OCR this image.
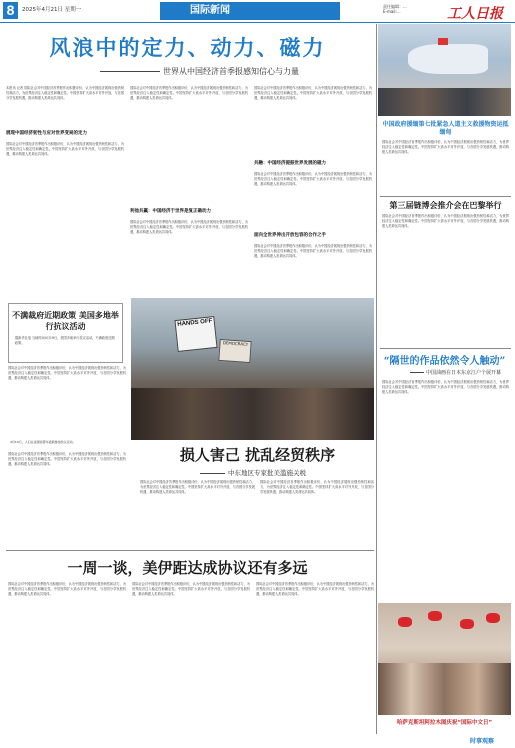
8	2025年4月21日 星期一	国际新闻	责任编辑：...
E-mail:...	工人日报
风浪中的定力、动力、磁力
世界从中国经济首季报感知信心与力量
本报讯 记者 国际社会对中国经济首季报作出积极评价，认为中国经济展现出强劲韧性和活力，为世界经济注入稳定性和确定性。中国坚持扩大高水平对外开放，与各国分享发展机遇，推动构建人类命运共同体。
展现中国经济韧性与应对世界变局的定力
国际社会对中国经济首季报作出积极评价，认为中国经济展现出强劲韧性和活力，为世界经济注入稳定性和确定性。中国坚持扩大高水平对外开放，与各国分享发展机遇，推动构建人类命运共同体。
国际社会对中国经济首季报作出积极评价，认为中国经济展现出强劲韧性和活力，为世界经济注入稳定性和确定性。中国坚持扩大高水平对外开放，与各国分享发展机遇，推动构建人类命运共同体。
利他共赢：中国经济于世界是复正确动力
国际社会对中国经济首季报作出积极评价，认为中国经济展现出强劲韧性和活力，为世界经济注入稳定性和确定性。中国坚持扩大高水平对外开放，与各国分享发展机遇，推动构建人类命运共同体。
国际社会对中国经济首季报作出积极评价，认为中国经济展现出强劲韧性和活力，为世界经济注入稳定性和确定性。中国坚持扩大高水平对外开放，与各国分享发展机遇，推动构建人类命运共同体。
共融：中国经济提振世界发展的磁力
国际社会对中国经济首季报作出积极评价，认为中国经济展现出强劲韧性和活力，为世界经济注入稳定性和确定性。中国坚持扩大高水平对外开放，与各国分享发展机遇，推动构建人类命运共同体。
面向全世界伸出开放包容的合作之手
国际社会对中国经济首季报作出积极评价，认为中国经济展现出强劲韧性和活力，为世界经济注入稳定性和确定性。中国坚持扩大高水平对外开放，与各国分享发展机遇，推动构建人类命运共同体。
不满裁府近期政策 美国多地举行抗议活动
据新华社电 当地时间4月19日，美国多地举行抗议活动，不满政府近期政策。
HANDS OFF
DEMOCRACY
国际社会对中国经济首季报作出积极评价，认为中国经济展现出强劲韧性和活力，为世界经济注入稳定性和确定性。中国坚持扩大高水平对外开放，与各国分享发展机遇，推动构建人类命运共同体。
4月19日，人们在美国首都华盛顿参加抗议活动。
损人害己 扰乱经贸秩序
中东地区专家批美滥施关税
国际社会对中国经济首季报作出积极评价，认为中国经济展现出强劲韧性和活力，为世界经济注入稳定性和确定性。中国坚持扩大高水平对外开放，与各国分享发展机遇，推动构建人类命运共同体。
国际社会对中国经济首季报作出积极评价，认为中国经济展现出强劲韧性和活力，为世界经济注入稳定性和确定性。中国坚持扩大高水平对外开放，与各国分享发展机遇，推动构建人类命运共同体。
国际社会对中国经济首季报作出积极评价，认为中国经济展现出强劲韧性和活力，为世界经济注入稳定性和确定性。中国坚持扩大高水平对外开放，与各国分享发展机遇，推动构建人类命运共同体。
一周一谈，美伊距达成协议还有多远
国际社会对中国经济首季报作出积极评价，认为中国经济展现出强劲韧性和活力，为世界经济注入稳定性和确定性。中国坚持扩大高水平对外开放，与各国分享发展机遇，推动构建人类命运共同体。
国际社会对中国经济首季报作出积极评价，认为中国经济展现出强劲韧性和活力，为世界经济注入稳定性和确定性。中国坚持扩大高水平对外开放，与各国分享发展机遇，推动构建人类命运共同体。
国际社会对中国经济首季报作出积极评价，认为中国经济展现出强劲韧性和活力，为世界经济注入稳定性和确定性。中国坚持扩大高水平对外开放，与各国分享发展机遇，推动构建人类命运共同体。
中国政府援缅第七批紧急人道主义救援物资运抵缅甸
国际社会对中国经济首季报作出积极评价，认为中国经济展现出强劲韧性和活力，为世界经济注入稳定性和确定性。中国坚持扩大高水平对外开放，与各国分享发展机遇，推动构建人类命运共同体。
第三届链博会推介会在巴黎举行
国际社会对中国经济首季报作出积极评价，认为中国经济展现出强劲韧性和活力，为世界经济注入稳定性和确定性。中国坚持扩大高水平对外开放，与各国分享发展机遇，推动构建人类命运共同体。
“隔世的作品依然令人触动”
中国油画在日本东京江户个展开幕
国际社会对中国经济首季报作出积极评价，认为中国经济展现出强劲韧性和活力，为世界经济注入稳定性和确定性。中国坚持扩大高水平对外开放，与各国分享发展机遇，推动构建人类命运共同体。
哈萨克斯坦阿拉木图庆祝“国际中文日”
时事观察
